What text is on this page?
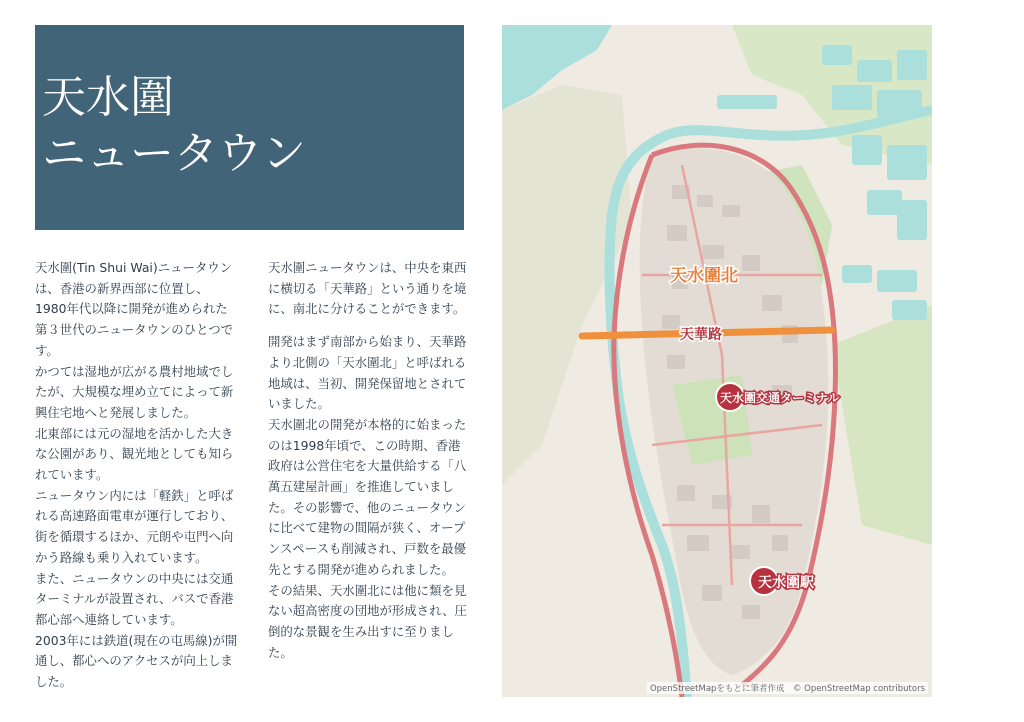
天水圍
ニュータウン

天水圍(Tin Shui Wai)ニュータウンは、香港の新界西部に位置し、1980年代以降に開発が進められた第３世代のニュータウンのひとつです。

かつては湿地が広がる農村地域でしたが、大規模な埋め立てによって新興住宅地へと発展しました。

北東部には元の湿地を活かした大きな公園があり、観光地としても知られています。

ニュータウン内には「軽鉄」と呼ばれる高速路面電車が運行しており、街を循環するほか、元朗や屯門へ向かう路線も乗り入れています。

また、ニュータウンの中央には交通ターミナルが設置され、バスで香港都心部へ連絡しています。

2003年には鉄道(現在の屯馬線)が開通し、都心へのアクセスが向上しました。

天水圍ニュータウンは、中央を東西に横切る「天華路」という通りを境に、南北に分けることができます。

開発はまず南部から始まり、天華路より北側の「天水圍北」と呼ばれる地域は、当初、開発保留地とされていました。

天水圍北の開発が本格的に始まったのは1998年頃で、この時期、香港政府は公営住宅を大量供給する「八萬五建屋計画」を推進していました。その影響で、他のニュータウンに比べて建物の間隔が狭く、オープンスペースも削減され、戸数を最優先とする開発が進められました。

その結果、天水圍北には他に類を見ない超高密度の団地が形成され、圧倒的な景観を生み出すに至りました。

天水圍北
天華路
天水圍交通ターミナル
天水圍駅
OpenStreetMapをもとに筆者作成　© OpenStreetMap contributors
